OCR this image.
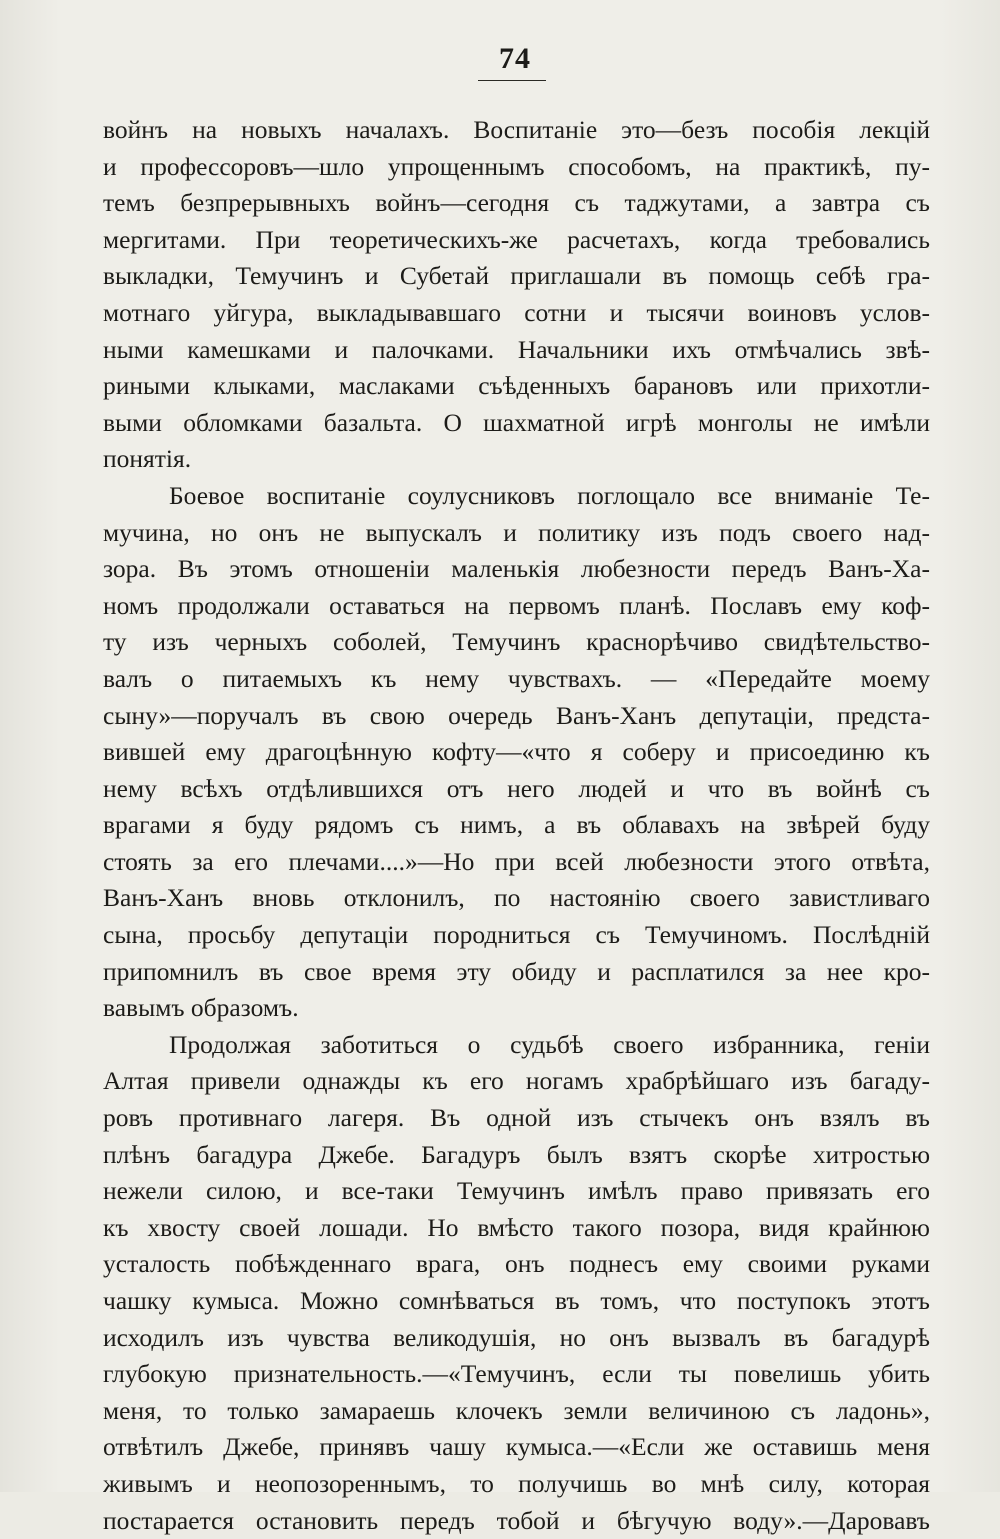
74
войнъ на новыхъ началахъ. Воспитаніе это—безъ пособія лекцій
и профессоровъ—шло упрощеннымъ способомъ, на практикѣ, пу-
темъ безпрерывныхъ войнъ—сегодня съ таджутами, а завтра съ
мергитами. При теоретическихъ-же расчетахъ, когда требовались
выкладки, Темучинъ и Субетай приглашали въ помощь себѣ гра-
мотнаго уйгура, выкладывавшаго сотни и тысячи воиновъ услов-
ными камешками и палочками. Начальники ихъ отмѣчались звѣ-
риными клыками, маслаками съѣденныхъ барановъ или прихотли-
выми обломками базальта. О шахматной игрѣ монголы не имѣли
понятія.
Боевое воспитаніе соулусниковъ поглощало все вниманіе Те-
мучина, но онъ не выпускалъ и политику изъ подъ своего над-
зора. Въ этомъ отношеніи маленькія любезности передъ Ванъ-Ха-
номъ продолжали оставаться на первомъ планѣ. Пославъ ему коф-
ту изъ черныхъ соболей, Темучинъ краснорѣчиво свидѣтельство-
валъ о питаемыхъ къ нему чувствахъ. — «Передайте моему
сыну»—поручалъ въ свою очередь Ванъ-Ханъ депутаціи, предста-
вившей ему драгоцѣнную кофту—«что я соберу и присоединю къ
нему всѣхъ отдѣлившихся отъ него людей и что въ войнѣ съ
врагами я буду рядомъ съ нимъ, а въ облавахъ на звѣрей буду
стоять за его плечами....»—Но при всей любезности этого отвѣта,
Ванъ-Ханъ вновь отклонилъ, по настоянію своего завистливаго
сына, просьбу депутаціи породниться съ Темучиномъ. Послѣдній
припомнилъ въ свое время эту обиду и расплатился за нее кро-
вавымъ образомъ.
Продолжая заботиться о судьбѣ своего избранника, геніи
Алтая привели однажды къ его ногамъ храбрѣйшаго изъ багаду-
ровъ противнаго лагеря. Въ одной изъ стычекъ онъ взялъ въ
плѣнъ багадура Джебе. Багадуръ былъ взятъ скорѣе хитростью
нежели силою, и все-таки Темучинъ имѣлъ право привязать его
къ хвосту своей лошади. Но вмѣсто такого позора, видя крайнюю
усталость побѣжденнаго врага, онъ поднесъ ему своими руками
чашку кумыса. Можно сомнѣваться въ томъ, что поступокъ этотъ
исходилъ изъ чувства великодушія, но онъ вызвалъ въ багадурѣ
глубокую признательность.—«Темучинъ, если ты повелишь убить
меня, то только замараешь клочекъ земли величиною съ ладонь»,
отвѣтилъ Джебе, принявъ чашу кумыса.—«Если же оставишь меня
живымъ и неопозореннымъ, то получишь во мнѣ силу, которая
постарается остановить передъ тобой и бѣгучую воду».—Даровавъ
